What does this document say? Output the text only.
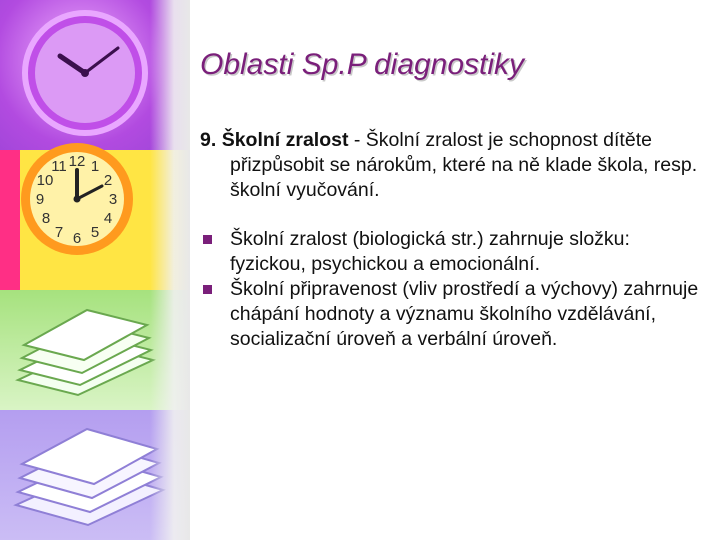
12 1
2
3
4
5
6
7
8
9
10
11
Oblasti Sp.P diagnostiky

9. Školní zralost - Školní zralost je schopnost dítěte přizpůsobit se nárokům, které na ně klade škola, resp. školní vyučování.

Školní zralost (biologická str.) zahrnuje složku: fyzickou, psychickou a emocionální.
Školní připravenost (vliv prostředí a výchovy) zahrnuje chápání hodnoty a významu školního vzdělávání, socializační úroveň a verbální úroveň.
